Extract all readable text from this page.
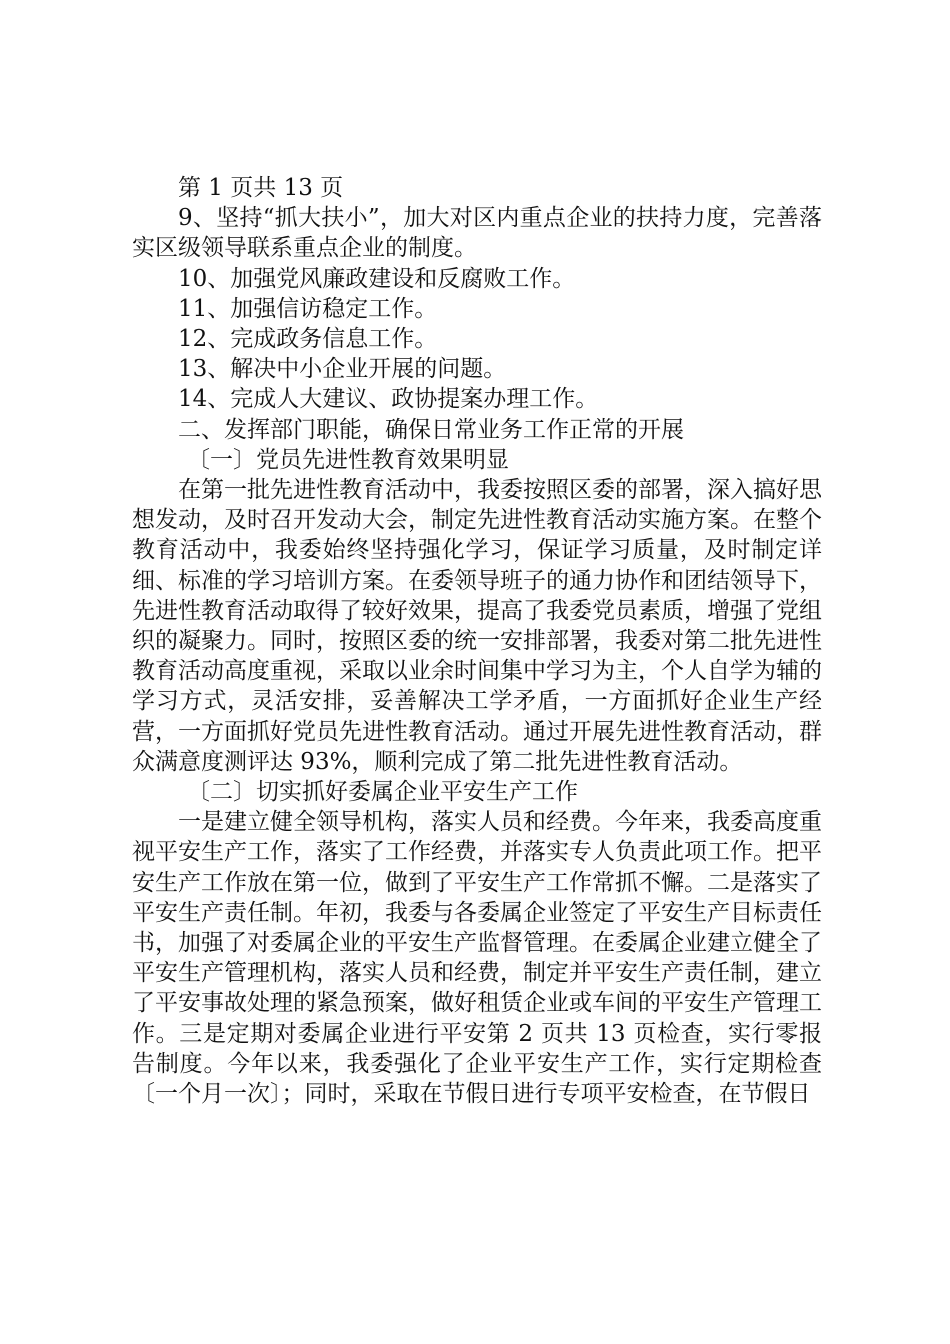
第 1 页共 13 页

9、坚持“抓大扶小”，加大对区内重点企业的扶持力度，完善落实区级领导联系重点企业的制度。

10、加强党风廉政建设和反腐败工作。

11、加强信访稳定工作。

12、完成政务信息工作。

13、解决中小企业开展的问题。

14、完成人大建议、政协提案办理工作。

二、发挥部门职能，确保日常业务工作正常的开展

〔一〕党员先进性教育效果明显

在第一批先进性教育活动中，我委按照区委的部署，深入搞好思想发动，及时召开发动大会，制定先进性教育活动实施方案。在整个教育活动中，我委始终坚持强化学习，保证学习质量，及时制定详细、标准的学习培训方案。在委领导班子的通力协作和团结领导下，先进性教育活动取得了较好效果，提高了我委党员素质，增强了党组织的凝聚力。同时，按照区委的统一安排部署，我委对第二批先进性教育活动高度重视，采取以业余时间集中学习为主，个人自学为辅的学习方式，灵活安排，妥善解决工学矛盾，一方面抓好企业生产经营，一方面抓好党员先进性教育活动。通过开展先进性教育活动，群众满意度测评达 93%，顺利完成了第二批先进性教育活动。

〔二〕切实抓好委属企业平安生产工作

一是建立健全领导机构，落实人员和经费。今年来，我委高度重视平安生产工作，落实了工作经费，并落实专人负责此项工作。把平安生产工作放在第一位，做到了平安生产工作常抓不懈。二是落实了平安生产责任制。年初，我委与各委属企业签定了平安生产目标责任书，加强了对委属企业的平安生产监督管理。在委属企业建立健全了平安生产管理机构，落实人员和经费，制定并平安生产责任制，建立了平安事故处理的紧急预案，做好租赁企业或车间的平安生产管理工作。三是定期对委属企业进行平安第 2 页共 13 页检查，实行零报告制度。今年以来，我委强化了企业平安生产工作，实行定期检查〔一个月一次〕；同时，采取在节假日进行专项平安检查，在节假日
